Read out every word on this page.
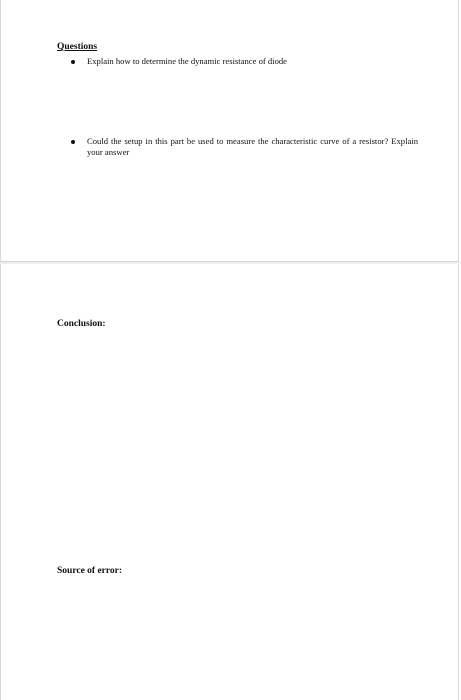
Questions
Explain how to determine the dynamic resistance of diode
Could the setup in this part be used to measure the characteristic curve of a resistor? Explain your answer
Conclusion:
Source of error:
